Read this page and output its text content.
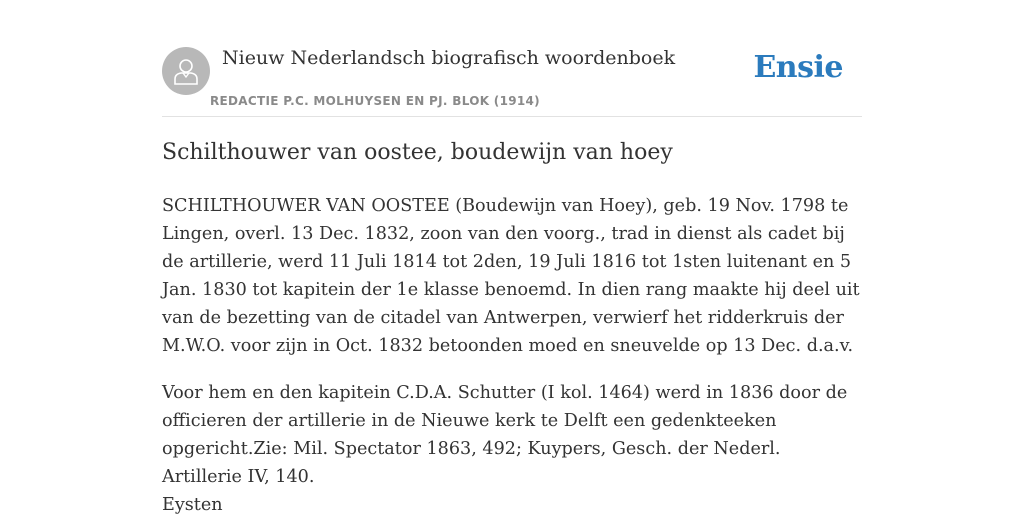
Nieuw Nederlandsch biografisch woordenboek
REDACTIE P.C. MOLHUYSEN EN PJ. BLOK (1914)
Ensie
Schilthouwer van oostee, boudewijn van hoey

SCHILTHOUWER VAN OOSTEE (Boudewijn van Hoey), geb. 19 Nov. 1798 te Lingen, overl. 13 Dec. 1832, zoon van den voorg., trad in dienst als cadet bij de artillerie, werd 11 Juli 1814 tot 2den, 19 Juli 1816 tot 1sten luitenant en 5 Jan. 1830 tot kapitein der 1e klasse benoemd. In dien rang maakte hij deel uit van de bezetting van de citadel van Antwerpen, verwierf het ridderkruis der M.W.O. voor zijn in Oct. 1832 betoonden moed en sneuvelde op 13 Dec. d.a.v.

Voor hem en den kapitein C.D.A. Schutter (I kol. 1464) werd in 1836 door de officieren der artillerie in de Nieuwe kerk te Delft een gedenkteeken opgericht.Zie: Mil. Spectator 1863, 492; Kuypers, Gesch. der Nederl. Artillerie IV, 140.

Eysten
